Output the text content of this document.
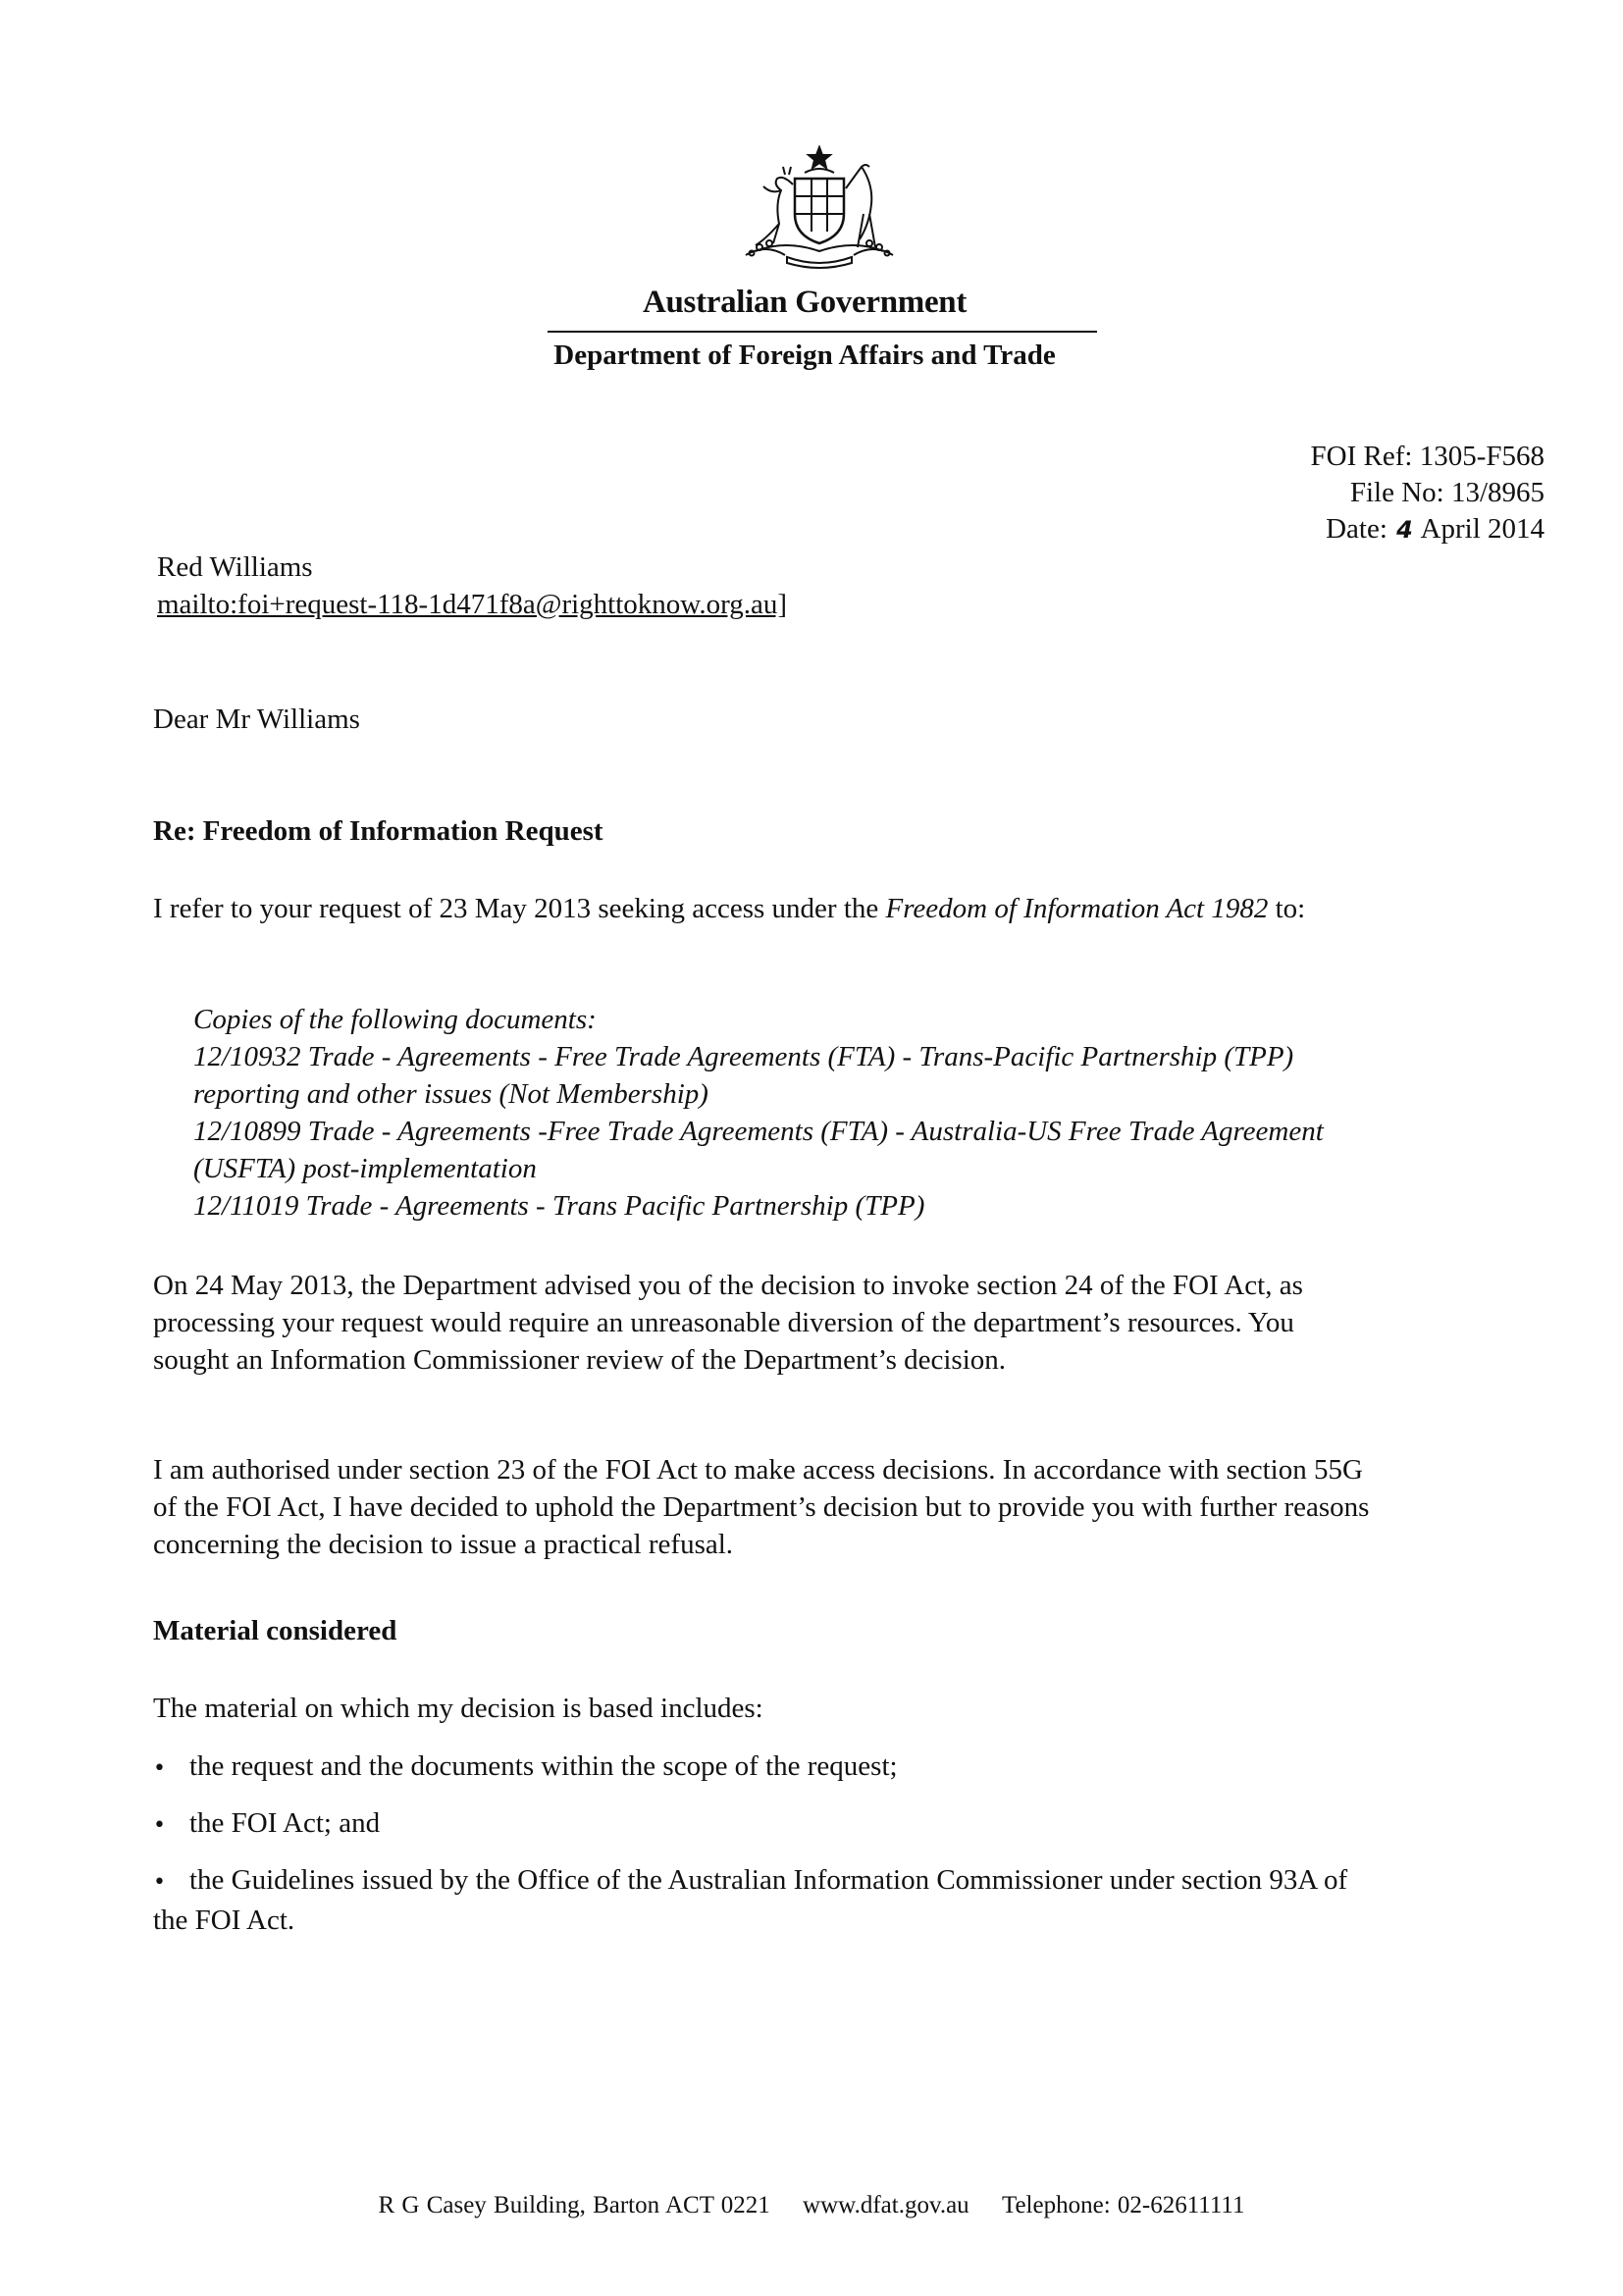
Australian Government
Department of Foreign Affairs and Trade
FOI Ref: 1305-F568
File No: 13/8965
Date: 4 April 2014
Red Williams
mailto:foi+request-118-1d471f8a@righttoknow.org.au]
Dear Mr Williams
Re: Freedom of Information Request
I refer to your request of 23 May 2013 seeking access under the Freedom of Information Act 1982 to:
Copies of the following documents:
12/10932 Trade - Agreements - Free Trade Agreements (FTA) - Trans-Pacific Partnership (TPP)
reporting and other issues (Not Membership)
12/10899 Trade - Agreements -Free Trade Agreements (FTA) - Australia-US Free Trade Agreement
(USFTA) post-implementation
12/11019 Trade - Agreements - Trans Pacific Partnership (TPP)
On 24 May 2013, the Department advised you of the decision to invoke section 24 of the FOI Act, as processing your request would require an unreasonable diversion of the department’s resources. You sought an Information Commissioner review of the Department’s decision.
I am authorised under section 23 of the FOI Act to make access decisions. In accordance with section 55G of the FOI Act, I have decided to uphold the Department’s decision but to provide you with further reasons concerning the decision to issue a practical refusal.
Material considered
The material on which my decision is based includes:
• the request and the documents within the scope of the request;
• the FOI Act; and
• the Guidelines issued by the Office of the Australian Information Commissioner under section 93A of the FOI Act.
R G Casey Building, Barton ACT 0221 www.dfat.gov.au Telephone: 02-62611111
